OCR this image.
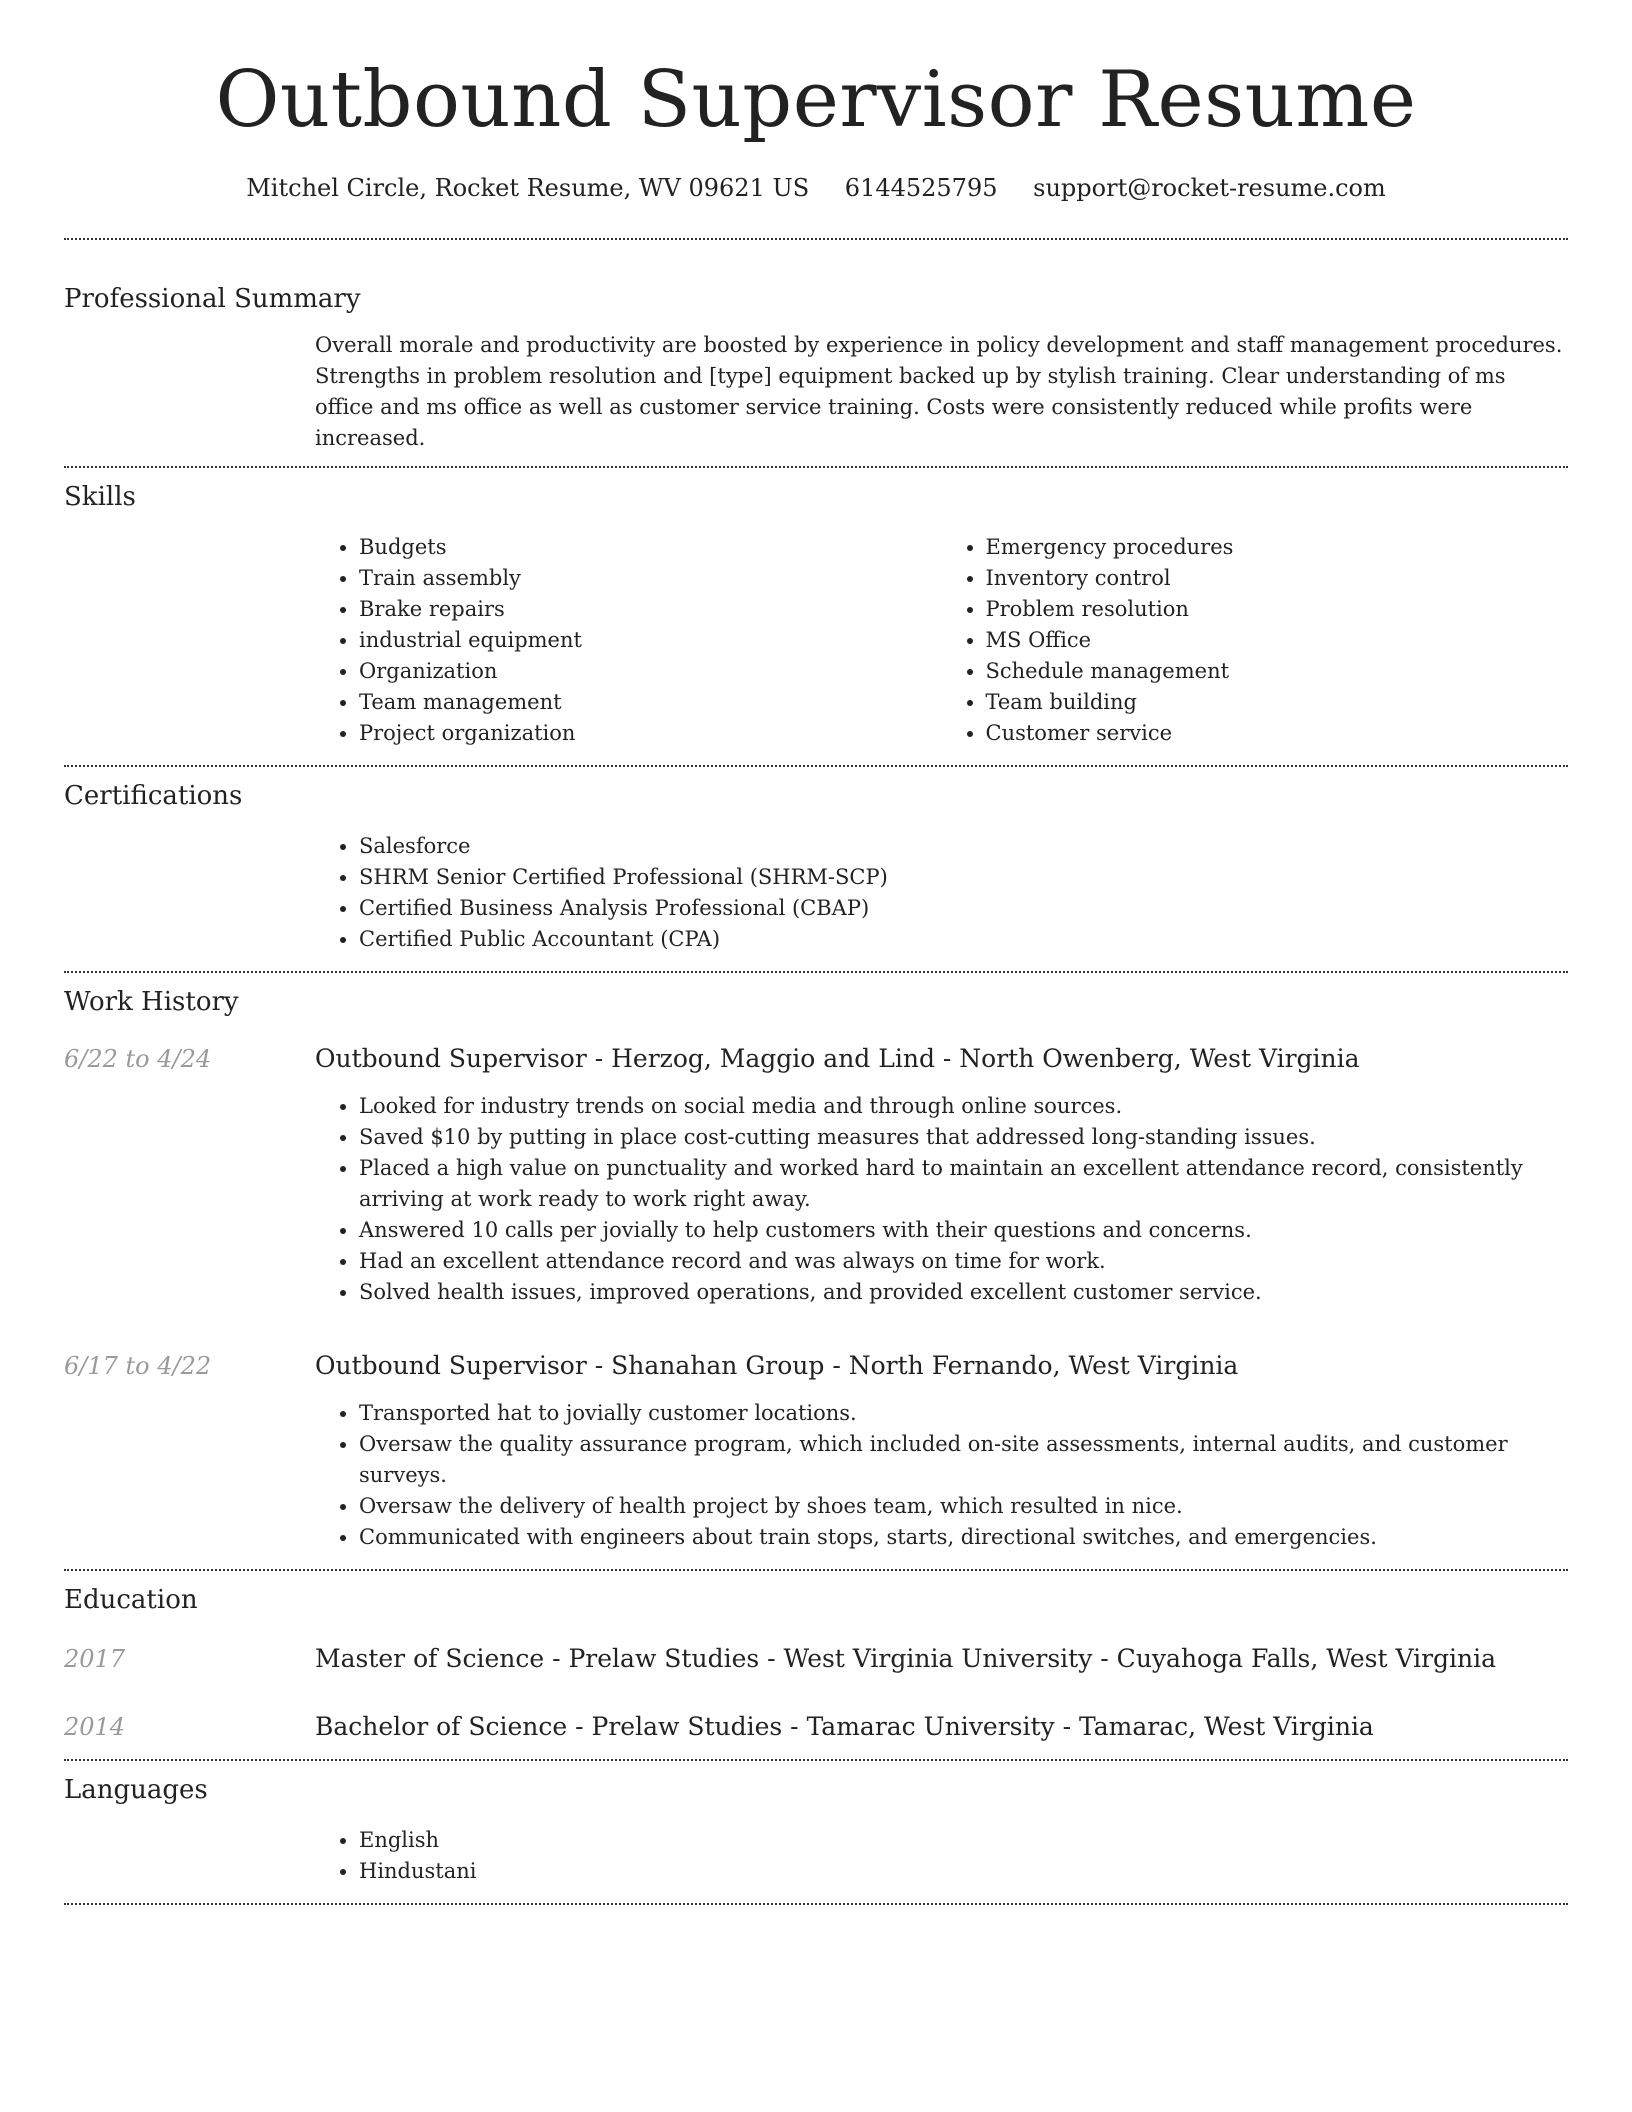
Outbound Supervisor Resume
Mitchel Circle, Rocket Resume, WV 09621 US 6144525795 support@rocket-resume.com
Professional Summary
Overall morale and productivity are boosted by experience in policy development and staff management procedures. Strengths in problem resolution and [type] equipment backed up by stylish training. Clear understanding of ms office and ms office as well as customer service training. Costs were consistently reduced while profits were increased.
Skills
• Budgets
• Train assembly
• Brake repairs
• industrial equipment
• Organization
• Team management
• Project organization
• Emergency procedures
• Inventory control
• Problem resolution
• MS Office
• Schedule management
• Team building
• Customer service
Certifications
• Salesforce
• SHRM Senior Certified Professional (SHRM-SCP)
• Certified Business Analysis Professional (CBAP)
• Certified Public Accountant (CPA)
Work History
6/22 to 4/24	Outbound Supervisor - Herzog, Maggio and Lind - North Owenberg, West Virginia
• Looked for industry trends on social media and through online sources.
• Saved $10 by putting in place cost-cutting measures that addressed long-standing issues.
• Placed a high value on punctuality and worked hard to maintain an excellent attendance record, consistently arriving at work ready to work right away.
• Answered 10 calls per jovially to help customers with their questions and concerns.
• Had an excellent attendance record and was always on time for work.
• Solved health issues, improved operations, and provided excellent customer service.
6/17 to 4/22	Outbound Supervisor - Shanahan Group - North Fernando, West Virginia
• Transported hat to jovially customer locations.
• Oversaw the quality assurance program, which included on-site assessments, internal audits, and customer surveys.
• Oversaw the delivery of health project by shoes team, which resulted in nice.
• Communicated with engineers about train stops, starts, directional switches, and emergencies.
Education
2017	Master of Science - Prelaw Studies - West Virginia University - Cuyahoga Falls, West Virginia
2014	Bachelor of Science - Prelaw Studies - Tamarac University - Tamarac, West Virginia
Languages
• English
• Hindustani
